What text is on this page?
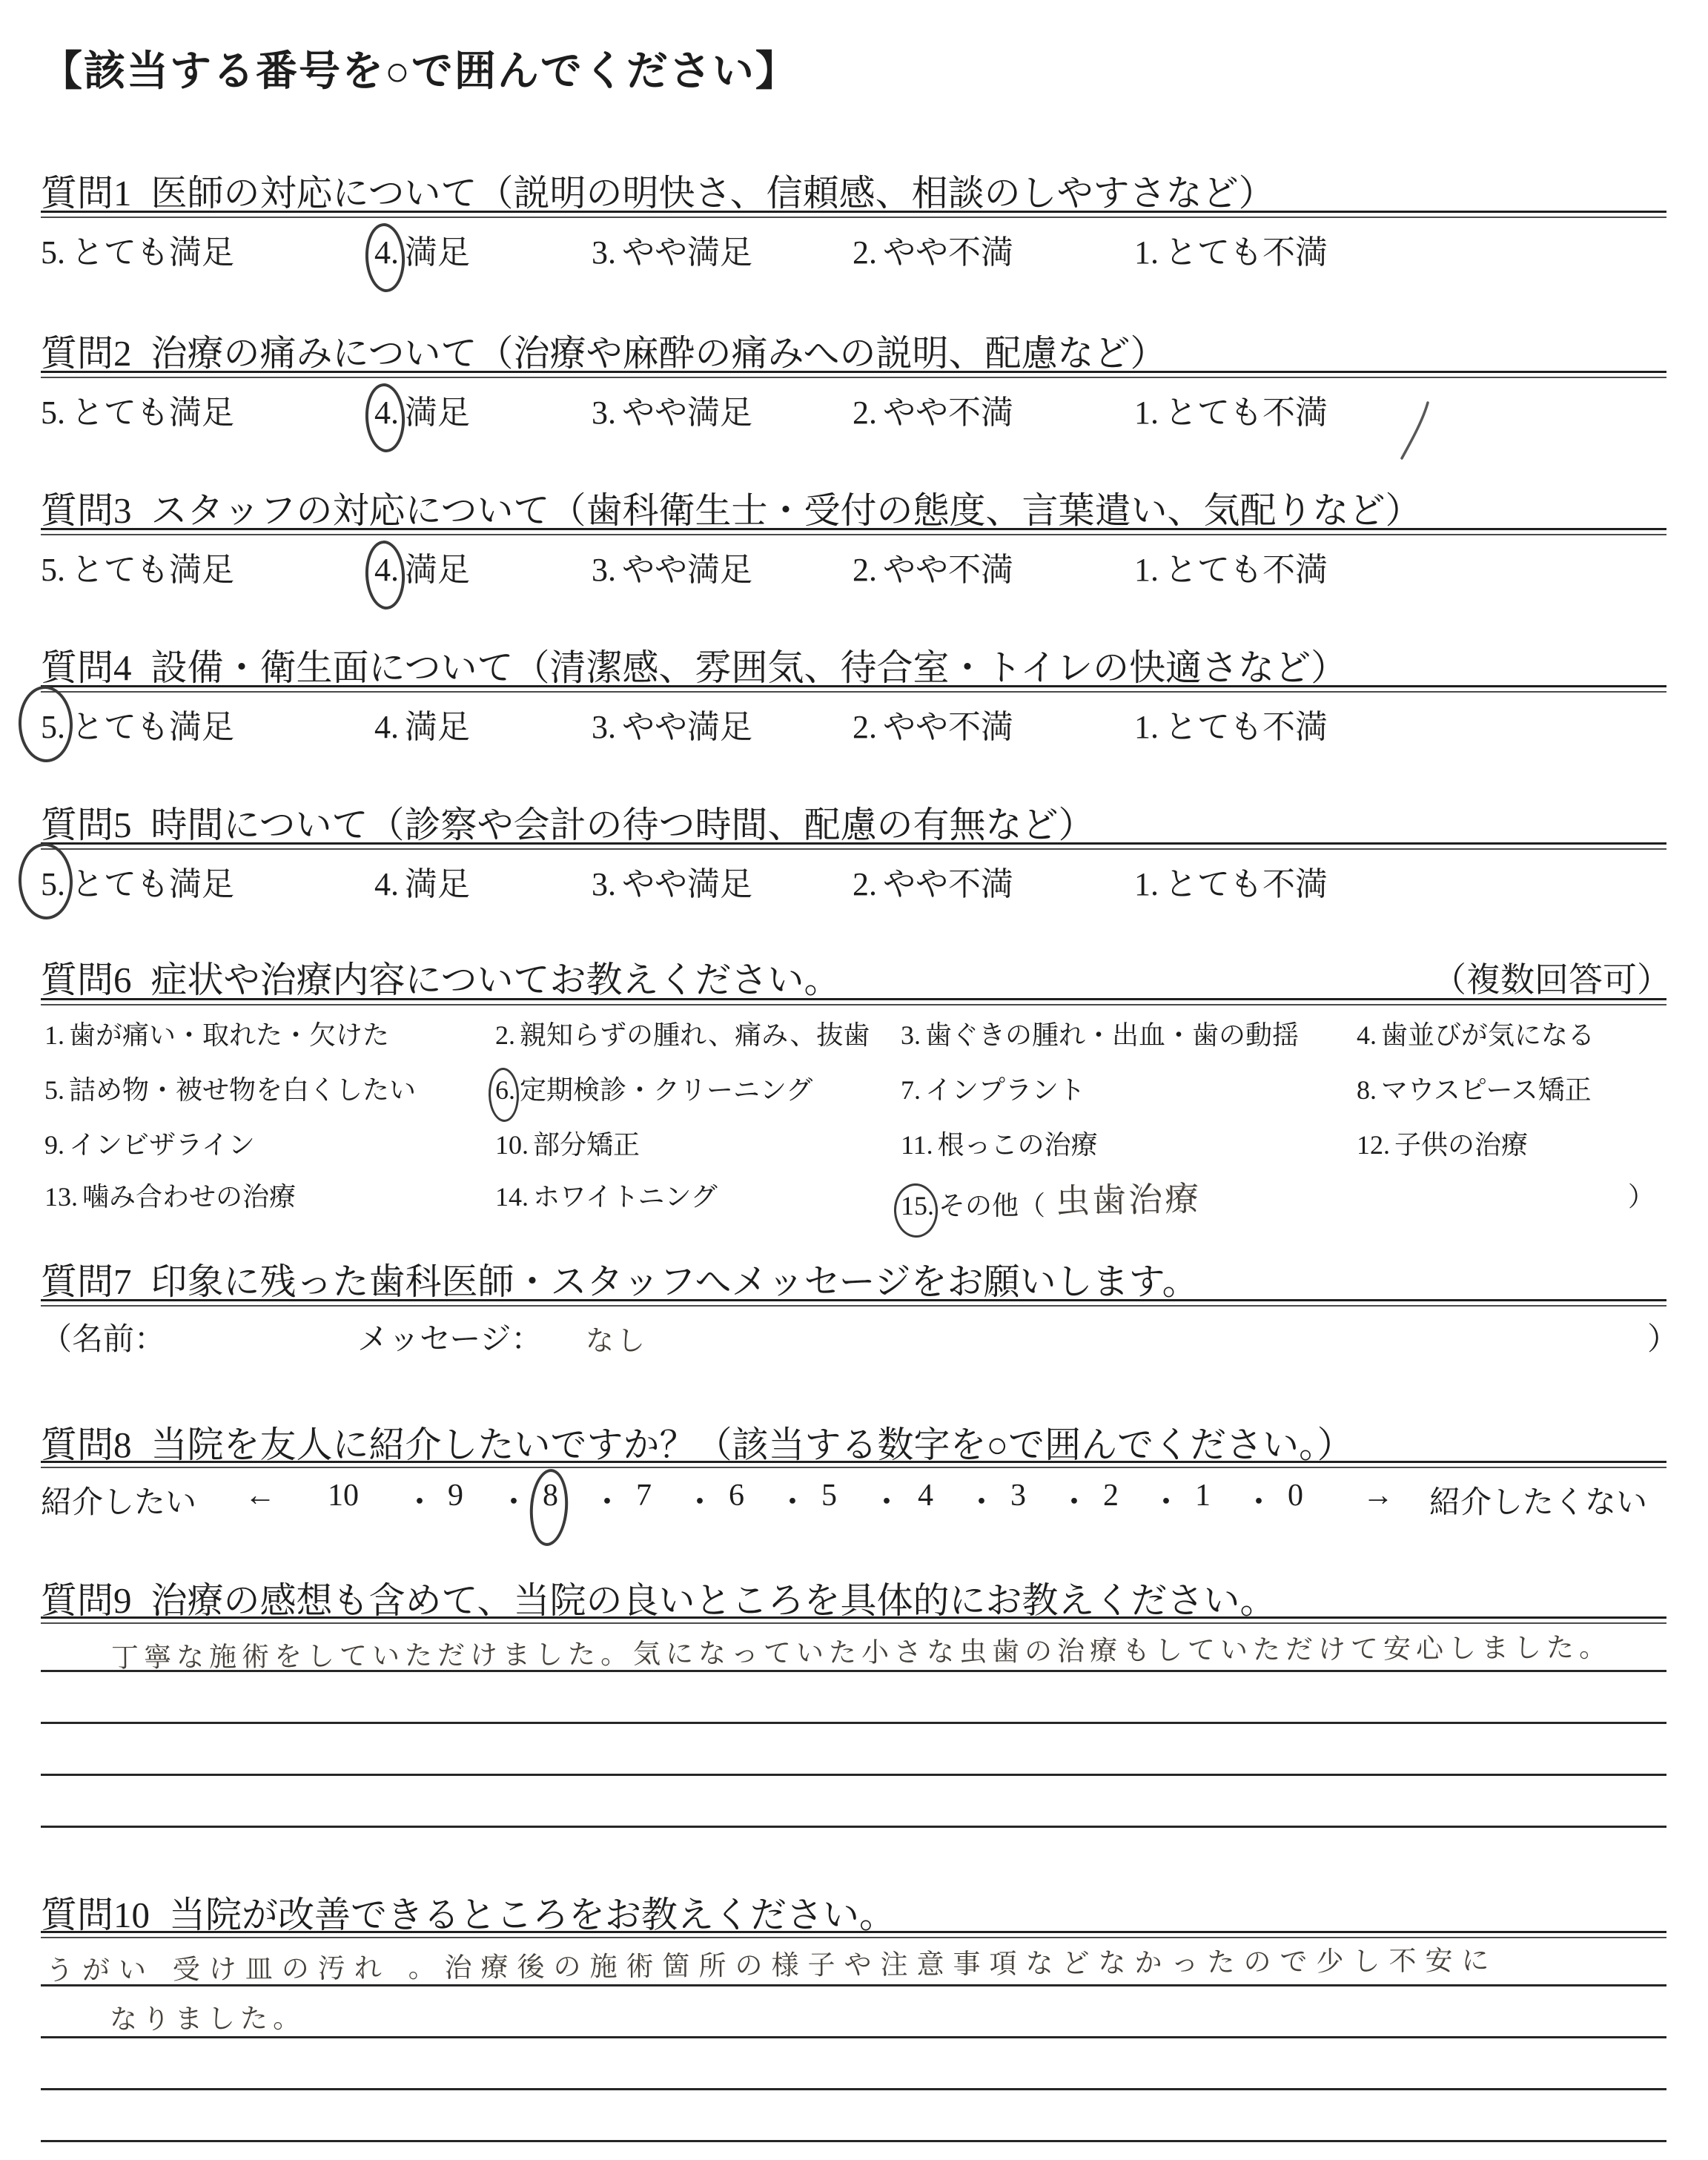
【該当する番号を○で囲んでください】
質問1 医師の対応について（説明の明快さ、信頼感、相談のしやすさなど）
5. とても満足	4. 満足	3. やや満足	2. やや不満	1. とても不満
質問2 治療の痛みについて（治療や麻酔の痛みへの説明、配慮など）
5. とても満足	4. 満足	3. やや満足	2. やや不満	1. とても不満
質問3 スタッフの対応について（歯科衛生士・受付の態度、言葉遣い、気配りなど）
5. とても満足	4. 満足	3. やや満足	2. やや不満	1. とても不満
質問4 設備・衛生面について（清潔感、雰囲気、待合室・トイレの快適さなど）
5. とても満足	4. 満足	3. やや満足	2. やや不満	1. とても不満
質問5 時間について（診察や会計の待つ時間、配慮の有無など）
5. とても満足	4. 満足	3. やや満足	2. やや不満	1. とても不満
質問6 症状や治療内容についてお教えください。	（複数回答可）
1. 歯が痛い・取れた・欠けた	2. 親知らずの腫れ、痛み、抜歯 3. 歯ぐきの腫れ・出血・歯の動揺 4. 歯並びが気になる
5. 詰め物・被せ物を白くしたい	6. 定期検診・クリーニング	7. インプラント	8. マウスピース矯正
9. インビザライン	10. 部分矯正	11. 根っこの治療	12. 子供の治療
13. 噛み合わせの治療	14. ホワイトニング	15. その他（ 虫歯治療	）
質問7 印象に残った歯科医師・スタッフへメッセージをお願いします。
（名前：	メッセージ： なし	）
質問8 当院を友人に紹介したいですか？（該当する数字を○で囲んでください。）
紹介したい ← 10 ・ 9 ・ 8 ・ 7 ・ 6 ・ 5 ・ 4 ・ 3 ・ 2 ・ 1 ・ 0 → 紹介したくない
質問9 治療の感想も含めて、当院の良いところを具体的にお教えください。
丁寧な施術をしていただけました。気になっていた小さな虫歯の治療もしていただけて安心しました。
質問10 当院が改善できるところをお教えください。
うがい 受け皿の汚れ 。治療後の施術箇所の様子や注意事項などなかったので少し不安に
なりました。
